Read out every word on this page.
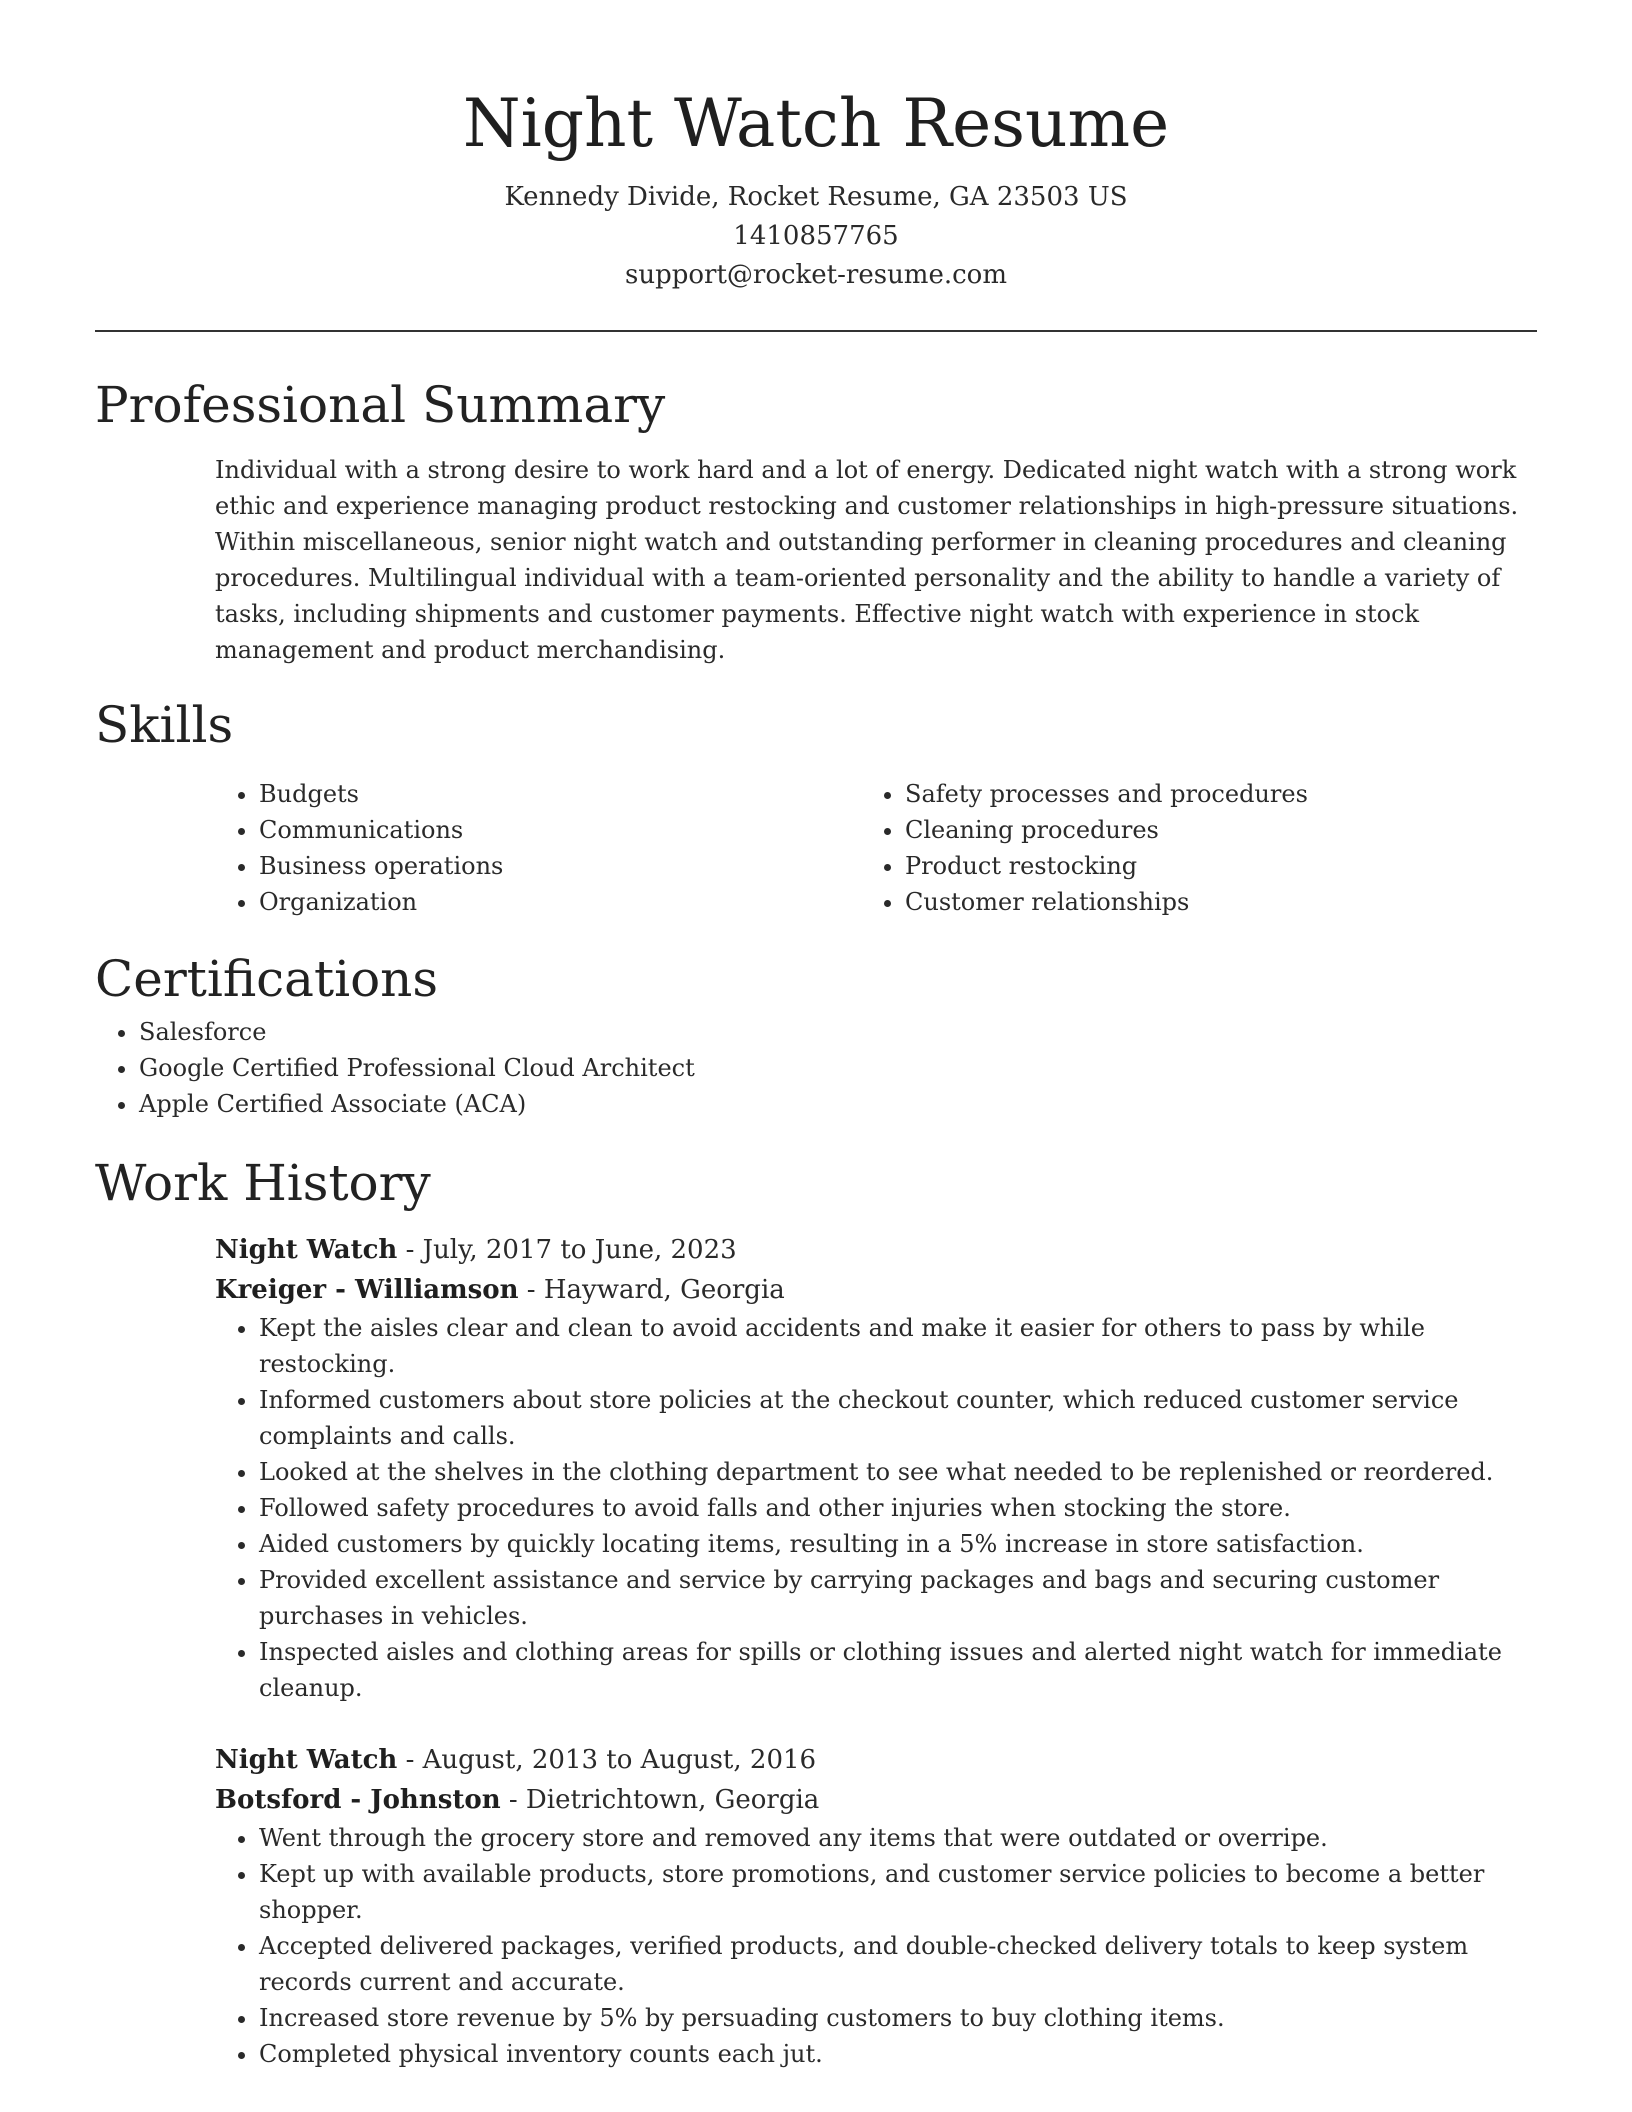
Night Watch Resume
Kennedy Divide, Rocket Resume, GA 23503 US
1410857765
support@rocket-resume.com
Professional Summary

Individual with a strong desire to work hard and a lot of energy. Dedicated night watch with a strong work ethic and experience managing product restocking and customer relationships in high-pressure situations. Within miscellaneous, senior night watch and outstanding performer in cleaning procedures and cleaning procedures. Multilingual individual with a team-oriented personality and the ability to handle a variety of tasks, including shipments and customer payments. Effective night watch with experience in stock management and product merchandising.

Skills
• Budgets
• Communications
• Business operations
• Organization
• Safety processes and procedures
• Cleaning procedures
• Product restocking
• Customer relationships
Certifications
• Salesforce
• Google Certified Professional Cloud Architect
• Apple Certified Associate (ACA)
Work History
Night Watch - July, 2017 to June, 2023
Kreiger - Williamson - Hayward, Georgia
• Kept the aisles clear and clean to avoid accidents and make it easier for others to pass by while restocking.
• Informed customers about store policies at the checkout counter, which reduced customer service complaints and calls.
• Looked at the shelves in the clothing department to see what needed to be replenished or reordered.
• Followed safety procedures to avoid falls and other injuries when stocking the store.
• Aided customers by quickly locating items, resulting in a 5% increase in store satisfaction.
• Provided excellent assistance and service by carrying packages and bags and securing customer purchases in vehicles.
• Inspected aisles and clothing areas for spills or clothing issues and alerted night watch for immediate cleanup.
Night Watch - August, 2013 to August, 2016
Botsford - Johnston - Dietrichtown, Georgia
• Went through the grocery store and removed any items that were outdated or overripe.
• Kept up with available products, store promotions, and customer service policies to become a better shopper.
• Accepted delivered packages, verified products, and double-checked delivery totals to keep system records current and accurate.
• Increased store revenue by 5% by persuading customers to buy clothing items.
• Completed physical inventory counts each jut.
